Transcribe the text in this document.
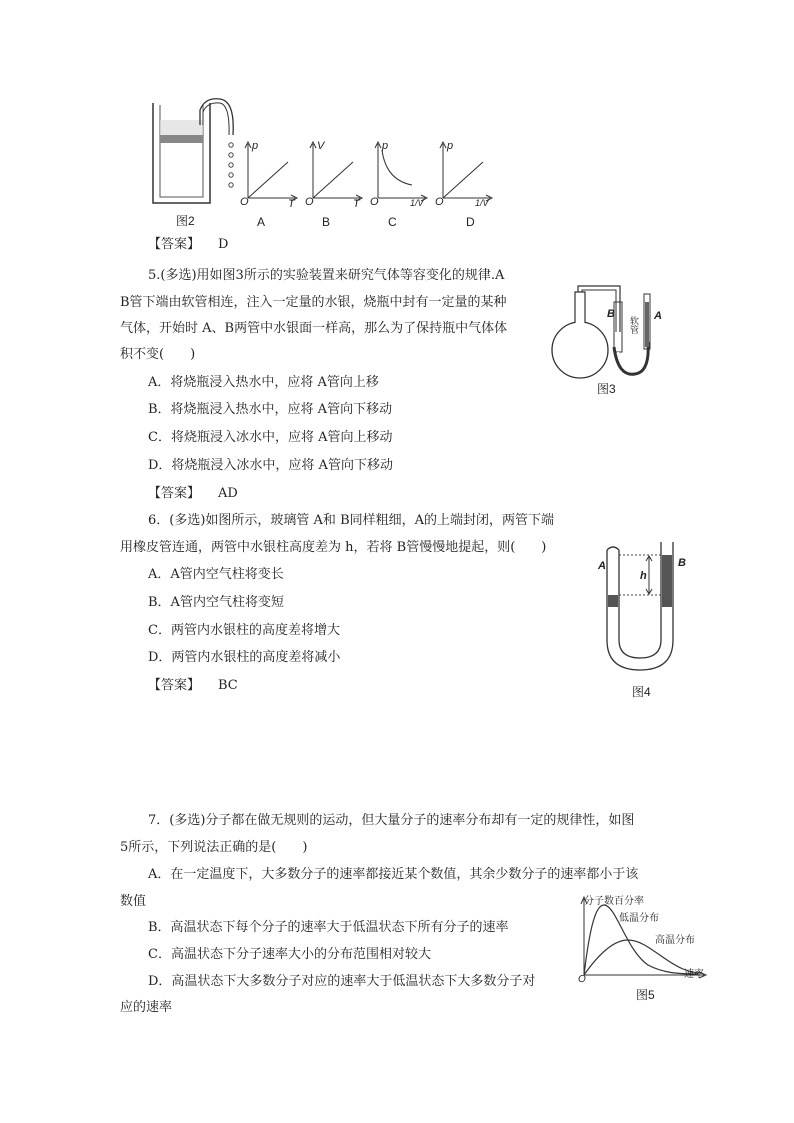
图2
p
O	T
V
O	T
p
O	1/V
p
O	1/V
A	B	C	D
【答案】 D
5.(多选)用如图3所示的实验装置来研究气体等容变化的规律.A
B管下端由软管相连，注入一定量的水银，烧瓶中封有一定量的某种
气体，开始时 A、B两管中水银面一样高，那么为了保持瓶中气体体
积不变(　　)
A．将烧瓶浸入热水中，应将 A管向上移
B．将烧瓶浸入热水中，应将 A管向下移动
C．将烧瓶浸入冰水中，应将 A管向上移动
D．将烧瓶浸入冰水中，应将 A管向下移动
【答案】 AD
B	A
软管
图3
6．(多选)如图所示，玻璃管 A和 B同样粗细，A的上端封闭，两管下端
用橡皮管连通，两管中水银柱高度差为 h，若将 B管慢慢地提起，则(　　)
A．A管内空气柱将变长
B．A管内空气柱将变短
C．两管内水银柱的高度差将增大
D．两管内水银柱的高度差将减小
【答案】 BC
A	B
h
图4
7．(多选)分子都在做无规则的运动，但大量分子的速率分布却有一定的规律性，如图
5所示，下列说法正确的是(　　)
A．在一定温度下，大多数分子的速率都接近某个数值，其余少数分子的速率都小于该
数值
B．高温状态下每个分子的速率大于低温状态下所有分子的速率
C．高温状态下分子速率大小的分布范围相对较大
D．高温状态下大多数分子对应的速率大于低温状态下大多数分子对
应的速率
分子数百分率
低温分布
高温分布
O	速率
图5
